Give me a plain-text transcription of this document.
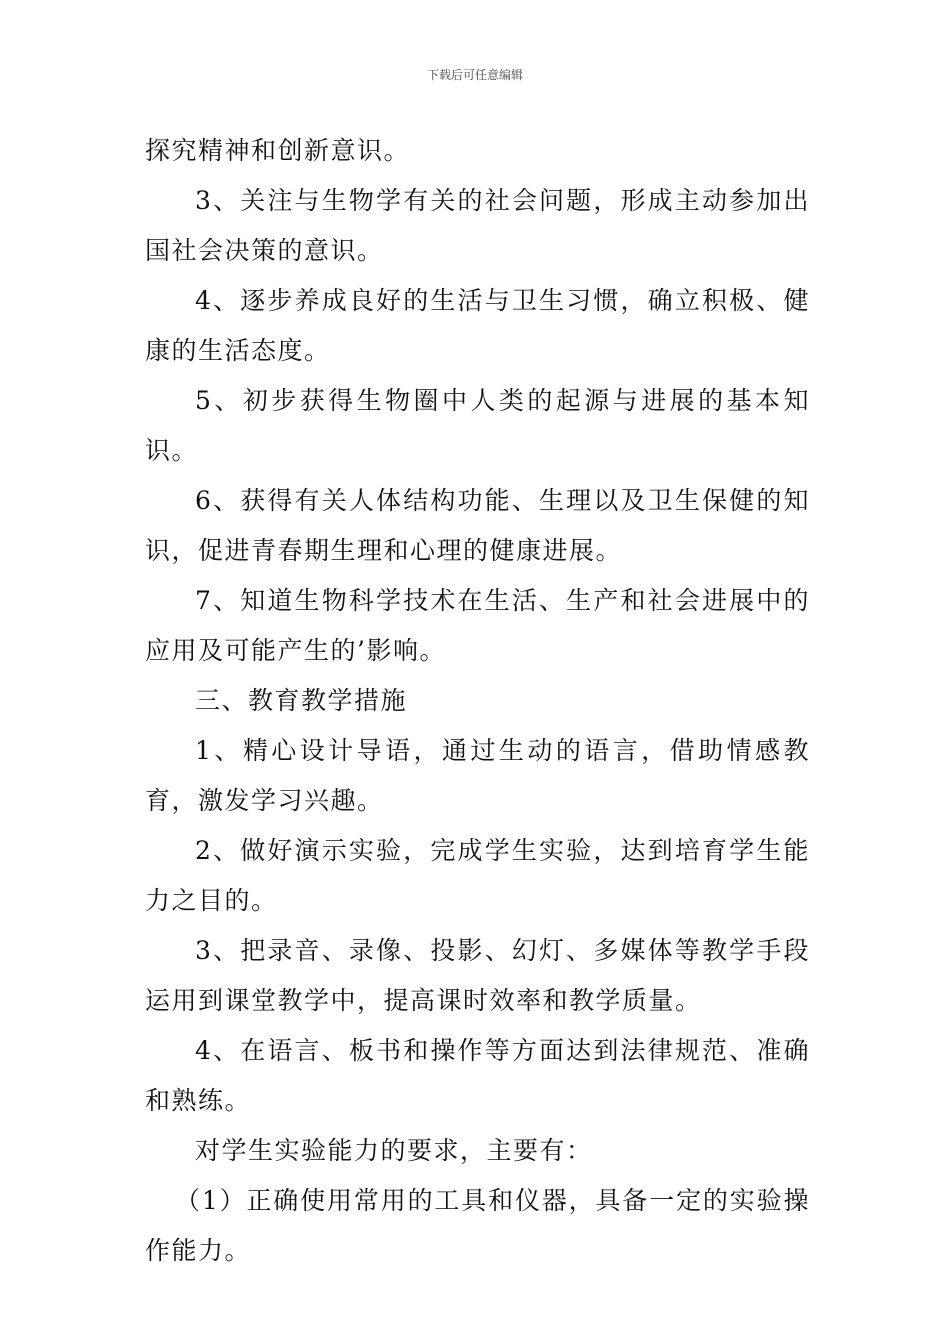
下载后可任意编辑

探究精神和创新意识。

3、关注与生物学有关的社会问题，形成主动参加出国社会决策的意识。

4、逐步养成良好的生活与卫生习惯，确立积极、健康的生活态度。

5、初步获得生物圈中人类的起源与进展的基本知识。

6、获得有关人体结构功能、生理以及卫生保健的知识，促进青春期生理和心理的健康进展。

7、知道生物科学技术在生活、生产和社会进展中的应用及可能产生的’影响。

三、教育教学措施

1、精心设计导语，通过生动的语言，借助情感教育，激发学习兴趣。

2、做好演示实验，完成学生实验，达到培育学生能力之目的。

3、把录音、录像、投影、幻灯、多媒体等教学手段运用到课堂教学中，提高课时效率和教学质量。

4、在语言、板书和操作等方面达到法律规范、准确和熟练。

对学生实验能力的要求，主要有：

（1）正确使用常用的工具和仪器，具备一定的实验操作能力。
